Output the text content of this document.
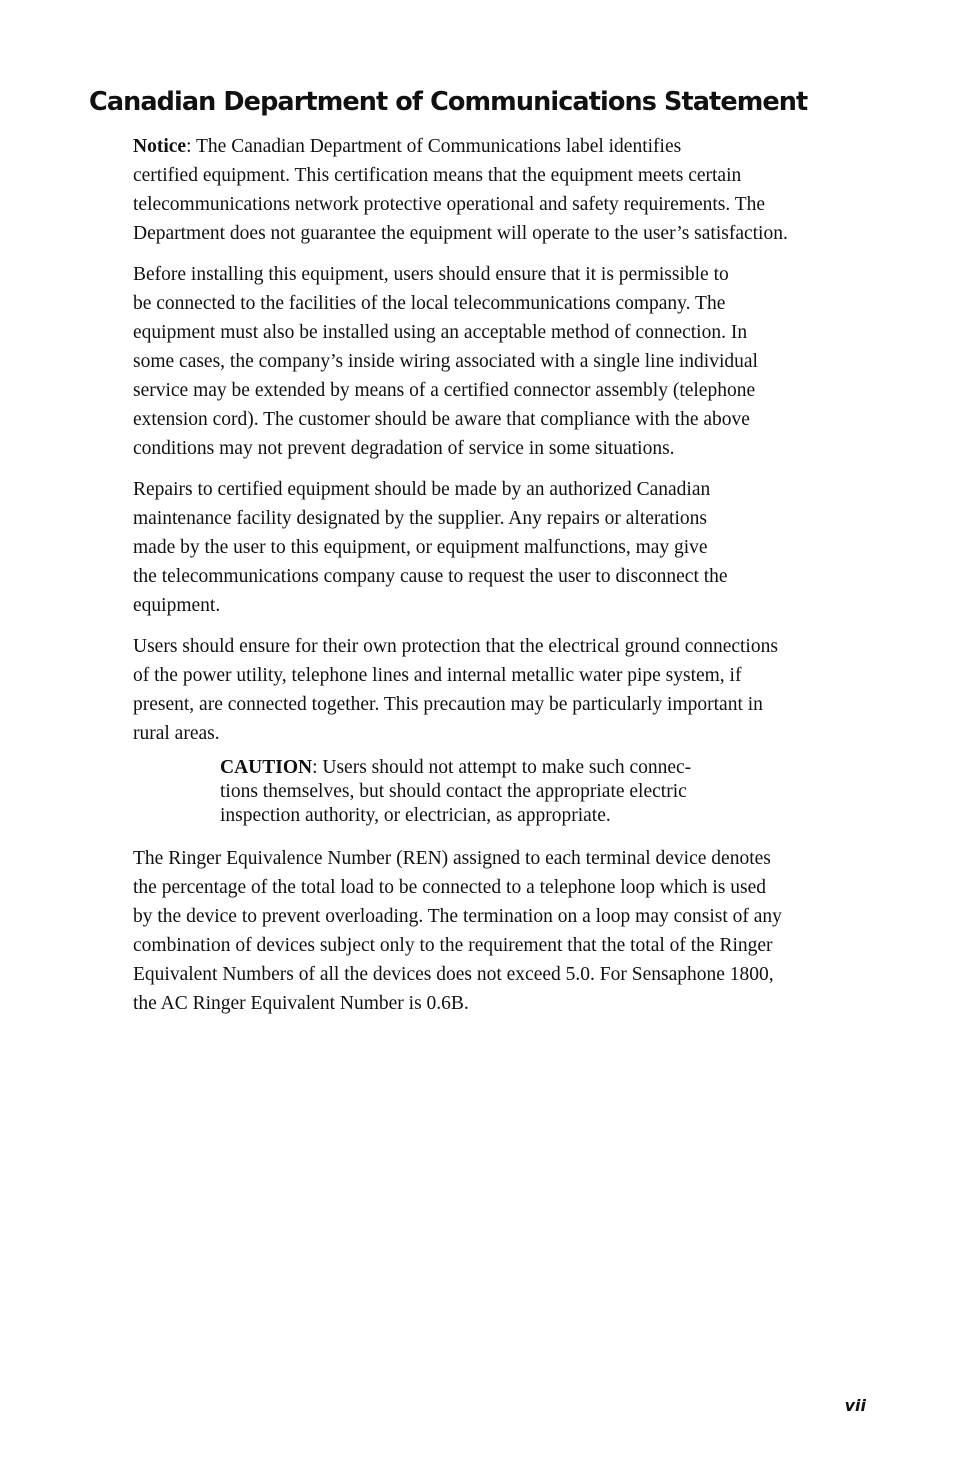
Canadian Department of Communications Statement

Notice: The Canadian Department of Communications label identifies
certified equipment. This certification means that the equipment meets certain
telecommunications network protective operational and safety requirements. The
Department does not guarantee the equipment will operate to the user’s satisfaction.

Before installing this equipment, users should ensure that it is permissible to
be connected to the facilities of the local telecommunications company. The
equipment must also be installed using an acceptable method of connection. In
some cases, the company’s inside wiring associated with a single line individual
service may be extended by means of a certified connector assembly (telephone
extension cord). The customer should be aware that compliance with the above
conditions may not prevent degradation of service in some situations.

Repairs to certified equipment should be made by an authorized Canadian
maintenance facility designated by the supplier. Any repairs or alterations
made by the user to this equipment, or equipment malfunctions, may give
the telecommunications company cause to request the user to disconnect the
equipment.

Users should ensure for their own protection that the electrical ground connections
of the power utility, telephone lines and internal metallic water pipe system, if
present, are connected together. This precaution may be particularly important in
rural areas.

CAUTION: Users should not attempt to make such connec-
tions themselves, but should contact the appropriate electric
inspection authority, or electrician, as appropriate.

The Ringer Equivalence Number (REN) assigned to each terminal device denotes
the percentage of the total load to be connected to a telephone loop which is used
by the device to prevent overloading. The termination on a loop may consist of any
combination of devices subject only to the requirement that the total of the Ringer
Equivalent Numbers of all the devices does not exceed 5.0. For Sensaphone 1800,
the AC Ringer Equivalent Number is 0.6B.

vii
